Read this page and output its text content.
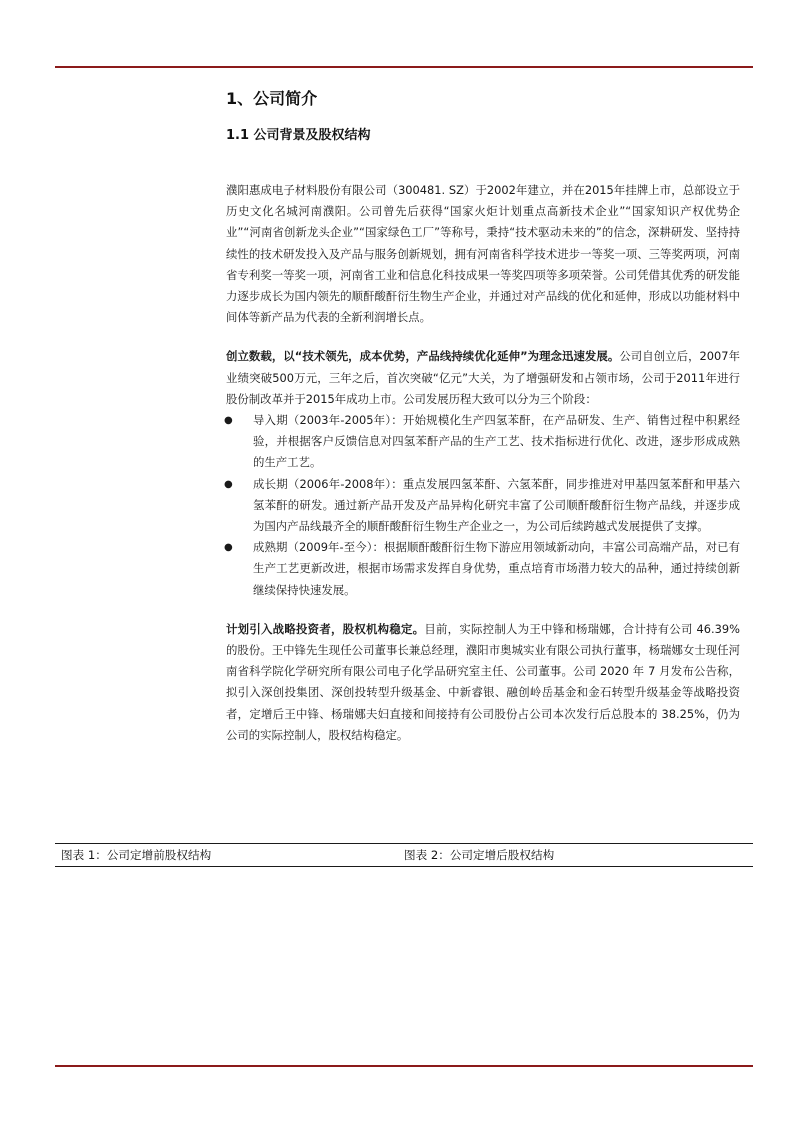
1、公司简介
1.1 公司背景及股权结构

濮阳惠成电子材料股份有限公司（300481. SZ）于2002年建立，并在2015年挂牌上市，总部设立于历史文化名城河南濮阳。公司曾先后获得“国家火炬计划重点高新技术企业”“国家知识产权优势企业”“河南省创新龙头企业”“国家绿色工厂”等称号，秉持“技术驱动未来的”的信念，深耕研发、坚持持续性的技术研发投入及产品与服务创新规划，拥有河南省科学技术进步一等奖一项、三等奖两项，河南省专利奖一等奖一项，河南省工业和信息化科技成果一等奖四项等多项荣誉。公司凭借其优秀的研发能力逐步成长为国内领先的顺酐酸酐衍生物生产企业，并通过对产品线的优化和延伸，形成以功能材料中间体等新产品为代表的全新利润增长点。

创立数载，以“技术领先，成本优势，产品线持续优化延伸”为理念迅速发展。公司自创立后，2007年业绩突破500万元，三年之后，首次突破“亿元”大关，为了增强研发和占领市场，公司于2011年进行股份制改革并于2015年成功上市。公司发展历程大致可以分为三个阶段：

● 导入期（2003年-2005年）：开始规模化生产四氢苯酐，在产品研发、生产、销售过程中积累经验，并根据客户反馈信息对四氢苯酐产品的生产工艺、技术指标进行优化、改进，逐步形成成熟的生产工艺。
● 成长期（2006年-2008年）：重点发展四氢苯酐、六氢苯酐，同步推进对甲基四氢苯酐和甲基六氢苯酐的研发。通过新产品开发及产品异构化研究丰富了公司顺酐酸酐衍生物产品线，并逐步成为国内产品线最齐全的顺酐酸酐衍生物生产企业之一，为公司后续跨越式发展提供了支撑。
● 成熟期（2009年-至今）：根据顺酐酸酐衍生物下游应用领域新动向，丰富公司高端产品，对已有生产工艺更新改进，根据市场需求发挥自身优势，重点培育市场潜力较大的品种，通过持续创新继续保持快速发展。

计划引入战略投资者，股权机构稳定。目前，实际控制人为王中锋和杨瑞娜，合计持有公司 46.39%的股份。王中锋先生现任公司董事长兼总经理，濮阳市奥城实业有限公司执行董事，杨瑞娜女士现任河南省科学院化学研究所有限公司电子化学品研究室主任、公司董事。公司 2020 年 7 月发布公告称，拟引入深创投集团、深创投转型升级基金、中新睿银、融创岭岳基金和金石转型升级基金等战略投资者，定增后王中锋、杨瑞娜夫妇直接和间接持有公司股份占公司本次发行后总股本的 38.25%，仍为公司的实际控制人，股权结构稳定。

图表 1：公司定增前股权结构	图表 2：公司定增后股权结构
